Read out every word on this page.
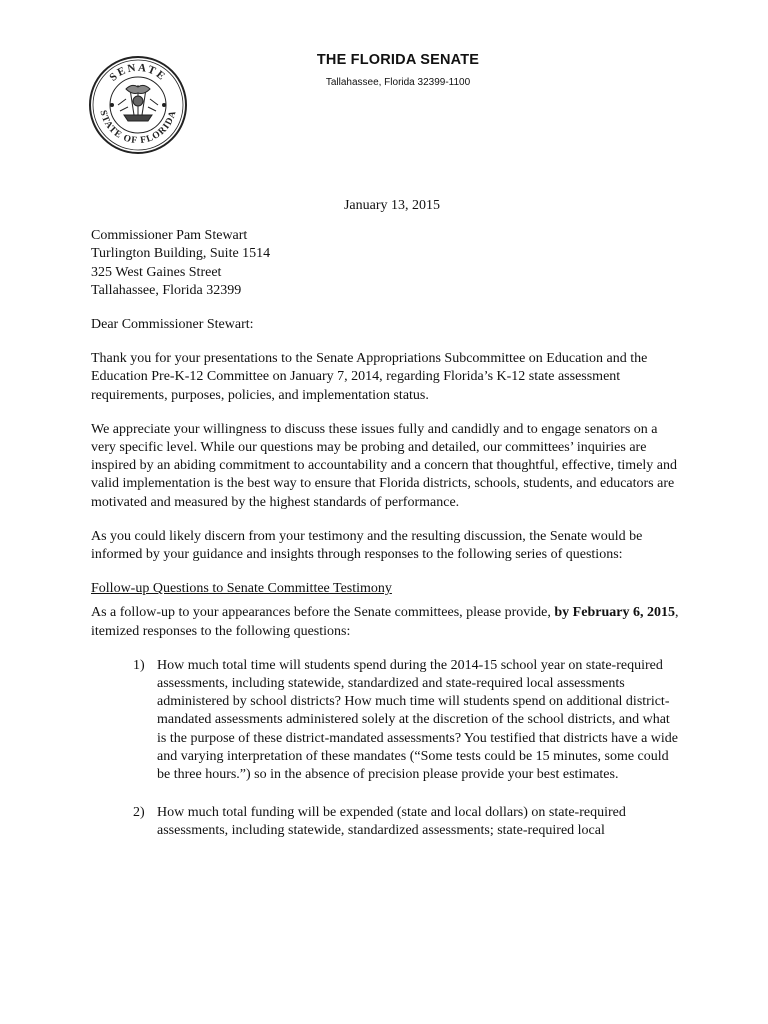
SENATE
STATE OF FLORIDA
THE FLORIDA SENATE
Tallahassee, Florida 32399-1100
January 13, 2015
Commissioner Pam Stewart
Turlington Building, Suite 1514
325 West Gaines Street
Tallahassee, Florida 32399

Dear Commissioner Stewart:

Thank you for your presentations to the Senate Appropriations Subcommittee on Education and the Education Pre-K-12 Committee on January 7, 2014, regarding Florida’s K-12 state assessment requirements, purposes, policies, and implementation status.

We appreciate your willingness to discuss these issues fully and candidly and to engage senators on a very specific level. While our questions may be probing and detailed, our committees’ inquiries are inspired by an abiding commitment to accountability and a concern that thoughtful, effective, timely and valid implementation is the best way to ensure that Florida districts, schools, students, and educators are motivated and measured by the highest standards of performance.

As you could likely discern from your testimony and the resulting discussion, the Senate would be informed by your guidance and insights through responses to the following series of questions:

Follow-up Questions to Senate Committee Testimony

As a follow-up to your appearances before the Senate committees, please provide, by February 6, 2015, itemized responses to the following questions:

1) How much total time will students spend during the 2014-15 school year on state-required assessments, including statewide, standardized and state-required local assessments administered by school districts? How much time will students spend on additional district-mandated assessments administered solely at the discretion of the school districts, and what is the purpose of these district-mandated assessments? You testified that districts have a wide and varying interpretation of these mandates (“Some tests could be 15 minutes, some could be three hours.”) so in the absence of precision please provide your best estimates.
2) How much total funding will be expended (state and local dollars) on state-required assessments, including statewide, standardized assessments; state-required local
